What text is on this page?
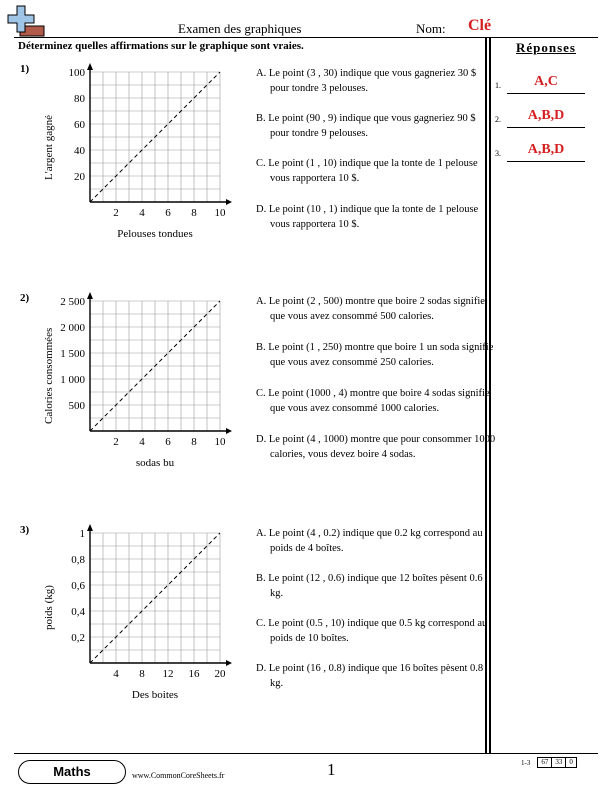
Examen des graphiques	Nom: Clé
Déterminez quelles affirmations sur le graphique sont vraies.	Réponses
1.	A,C
2.	A,B,D
3.	A,B,D
1)
2 4 6 8 10
20
40
60
80
100
L'argent gagné
Pelouses tondues
A. Le point (3 , 30) indique que vous gagneriez 30 $ pour tondre 3 pelouses.
B. Le point (90 , 9) indique que vous gagneriez 90 $ pour tondre 9 pelouses.
C. Le point (1 , 10) indique que la tonte de 1 pelouse vous rapportera 10 $.
D. Le point (10 , 1) indique que la tonte de 1 pelouse vous rapportera 10 $.
2)
2 4 6 8 10
500
1 000
1 500
2 000
2 500
Calories consommées
sodas bu
A. Le point (2 , 500) montre que boire 2 sodas signifie que vous avez consommé 500 calories.
B. Le point (1 , 250) montre que boire 1 un soda signifie que vous avez consommé 250 calories.
C. Le point (1000 , 4) montre que boire 4 sodas signifie que vous avez consommé 1000 calories.
D. Le point (4 , 1000) montre que pour consommer 1000 calories, vous devez boire 4 sodas.
3)
4 8 12 16 20
0,2
0,4
0,6
0,8
1
poids (kg)
Des boites
A. Le point (4 , 0.2) indique que 0.2 kg correspond au poids de 4 boîtes.
B. Le point (12 , 0.6) indique que 12 boîtes pèsent 0.6 kg.
C. Le point (0.5 , 10) indique que 0.5 kg correspond au poids de 10 boîtes.
D. Le point (16 , 0.8) indique que 16 boîtes pèsent 0.8 kg.
Maths	www.CommonCoreSheets.fr	1	1-3	67	33	0
